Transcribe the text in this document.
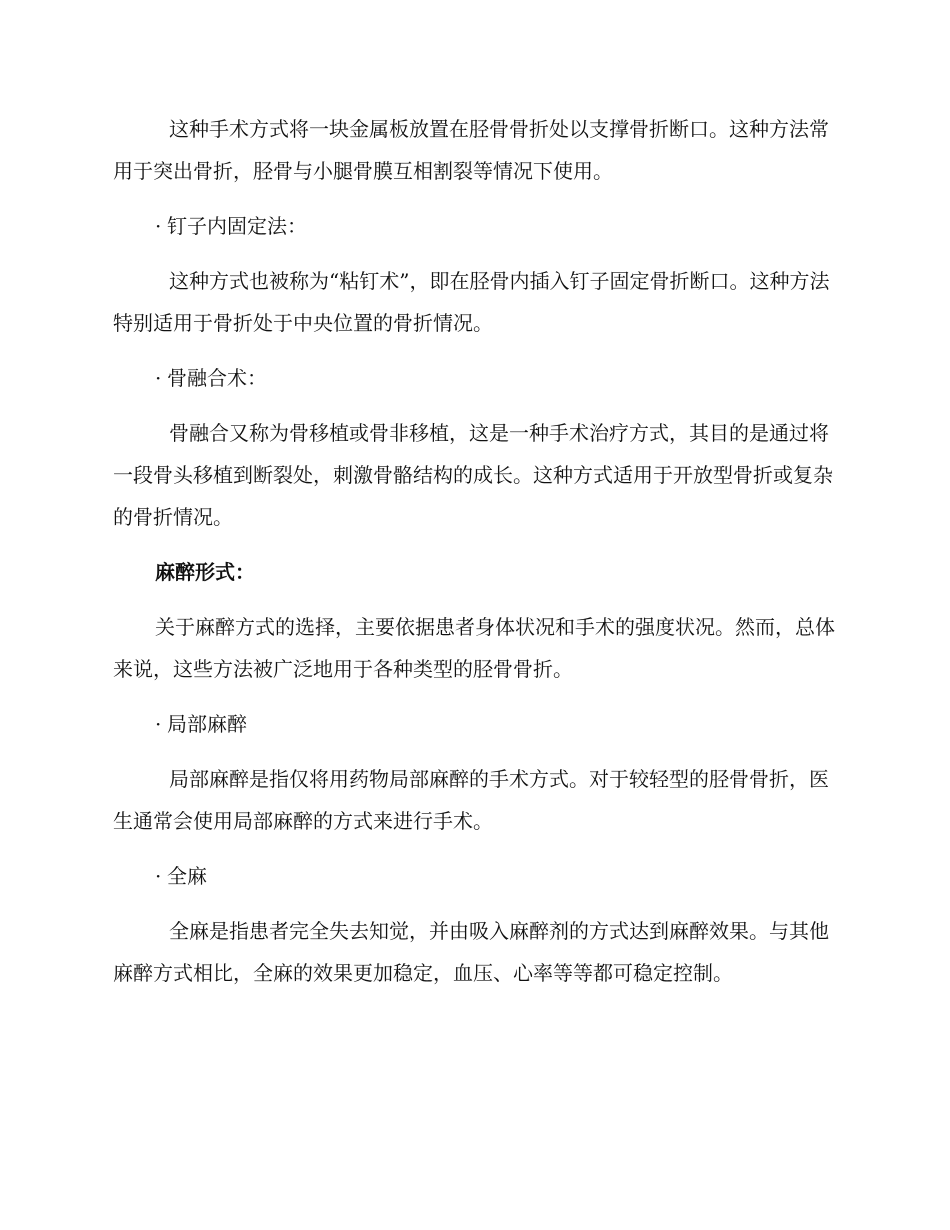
这种手术方式将一块金属板放置在胫骨骨折处以支撑骨折断口。这种方法常用于突出骨折，胫骨与小腿骨膜互相割裂等情况下使用。

· 钉子内固定法：

这种方式也被称为“粘钉术”，即在胫骨内插入钉子固定骨折断口。这种方法特别适用于骨折处于中央位置的骨折情况。

· 骨融合术：

骨融合又称为骨移植或骨非移植，这是一种手术治疗方式，其目的是通过将一段骨头移植到断裂处，刺激骨骼结构的成长。这种方式适用于开放型骨折或复杂的骨折情况。

麻醉形式：

关于麻醉方式的选择，主要依据患者身体状况和手术的强度状况。然而，总体来说，这些方法被广泛地用于各种类型的胫骨骨折。

· 局部麻醉

局部麻醉是指仅将用药物局部麻醉的手术方式。对于较轻型的胫骨骨折，医生通常会使用局部麻醉的方式来进行手术。

· 全麻

全麻是指患者完全失去知觉，并由吸入麻醉剂的方式达到麻醉效果。与其他麻醉方式相比，全麻的效果更加稳定，血压、心率等等都可稳定控制。
